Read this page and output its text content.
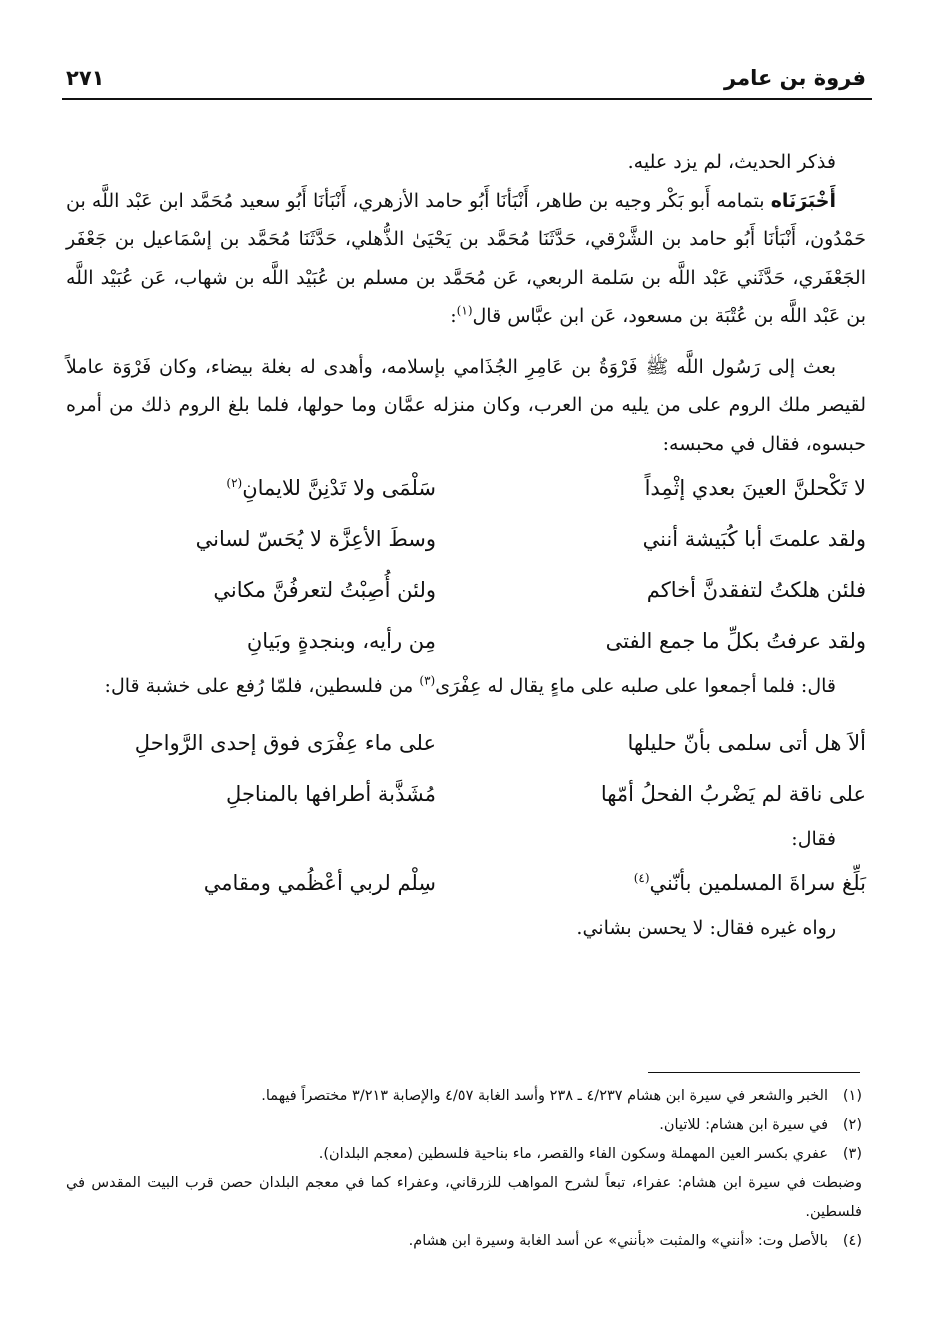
فروة بن عامر
٢٧١

فذكر الحديث، لم يزد عليه.

أَخْبَرَنَاه بتمامه أَبو بَكْر وجيه بن طاهر، أَنْبَأنَا أَبُو حامد الأزهري، أَنْبَأنَا أَبُو سعيد مُحَمَّد ابن عَبْد اللَّه بن حَمْدُون، أَنْبَأنَا أَبُو حامد بن الشَّرْقي، حَدَّثَنَا مُحَمَّد بن يَحْيَىٰ الذُّهلي، حَدَّثَنَا مُحَمَّد بن إسْمَاعيل بن جَعْفَر الجَعْفَري، حَدَّثَني عَبْد اللَّه بن سَلمة الربعي، عَن مُحَمَّد بن مسلم بن عُبَيْد اللَّه بن شهاب، عَن عُبَيْد اللَّه بن عَبْد اللَّه بن عُتْبَة بن مسعود، عَن ابن عبَّاس قال$^{(١)}$:

بعث إلى رَسُول اللَّه ﷺ فَرْوَةُ بن عَامِرِ الجُذَامي بإسلامه، وأهدى له بغلة بيضاء، وكان فَرْوَة عاملاً لقيصر ملك الروم على من يليه من العرب، وكان منزله عمَّان وما حولها، فلما بلغ الروم ذلك من أمره حبسوه، فقال في محبسه:

لا تَكْحلنَّ العينَ بعدي إثْمِداً
سَلْمَى ولا تَدْنِنَّ للايمانِ$^{(٢)}$
ولقد علمتَ أبا كُبَيشة أنني
وسطَ الأعِزَّة لا يُحَسّ لساني
فلئن هلكتُ لتفقدنَّ أخاكم
ولئن أُصِبْتُ لتعرفُنَّ مكاني
ولقد عرفتُ بكلِّ ما جمع الفتى
مِن رأيه، وبنجدةٍ وبَيانِ

قال: فلما أجمعوا على صلبه على ماءٍ يقال له عِفْرَى$^{(٣)}$ من فلسطين، فلمّا رُفع على خشبة قال:

ألاَ هل أتى سلمى بأنّ حليلها
على ماء عِفْرَى فوق إحدى الرَّواحلِ
على ناقة لم يَضْربُ الفحلُ أمّها
مُشَذَّبة أطرافها بالمناجلِ

فقال:

بَلِّغ سراةَ المسلمين بأنّني$^{(٤)}$
سِلْم لربي أعْظُمي ومقامي

رواه غيره فقال: لا يحسن بشاني.

(١)
الخبر والشعر في سيرة ابن هشام ٤/٢٣٧ ـ ٢٣٨ وأسد الغابة ٤/٥٧ والإصابة ٣/٢١٣ مختصراً فيهما.
(٢)
في سيرة ابن هشام: للاتيان.
(٣)
عفري بكسر العين المهملة وسكون الفاء والقصر، ماء بناحية فلسطين (معجم البلدان).
وضبطت في سيرة ابن هشام: عفراء، تبعاً لشرح المواهب للزرقاني، وعفراء كما في معجم البلدان حصن قرب البيت المقدس في فلسطين.
(٤)
بالأصل وت: «أنني» والمثبت «بأنني» عن أسد الغابة وسيرة ابن هشام.
